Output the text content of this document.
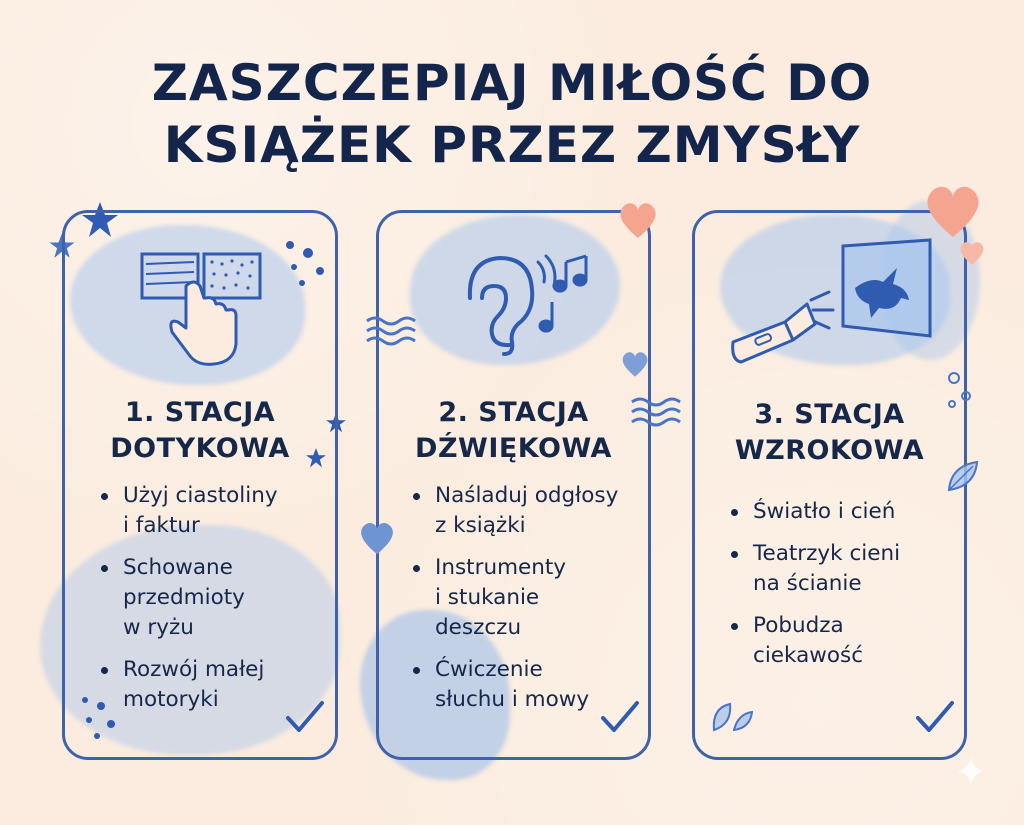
ZASZCZEPIAJ MIŁOŚĆ DO
KSIĄŻEK PRZEZ ZMYSŁY
1. STACJA
DOTYKOWA
Użyj ciastoliny
i faktur
Schowane
przedmioty
w ryżu
Rozwój małej
motoryki
2. STACJA
DŹWIĘKOWA
Naśladuj odgłosy
z książki
Instrumenty
i stukanie
deszczu
Ćwiczenie
słuchu i mowy
3. STACJA
WZROKOWA
Światło i cień
Teatrzyk cieni
na ścianie
Pobudza
ciekawość
